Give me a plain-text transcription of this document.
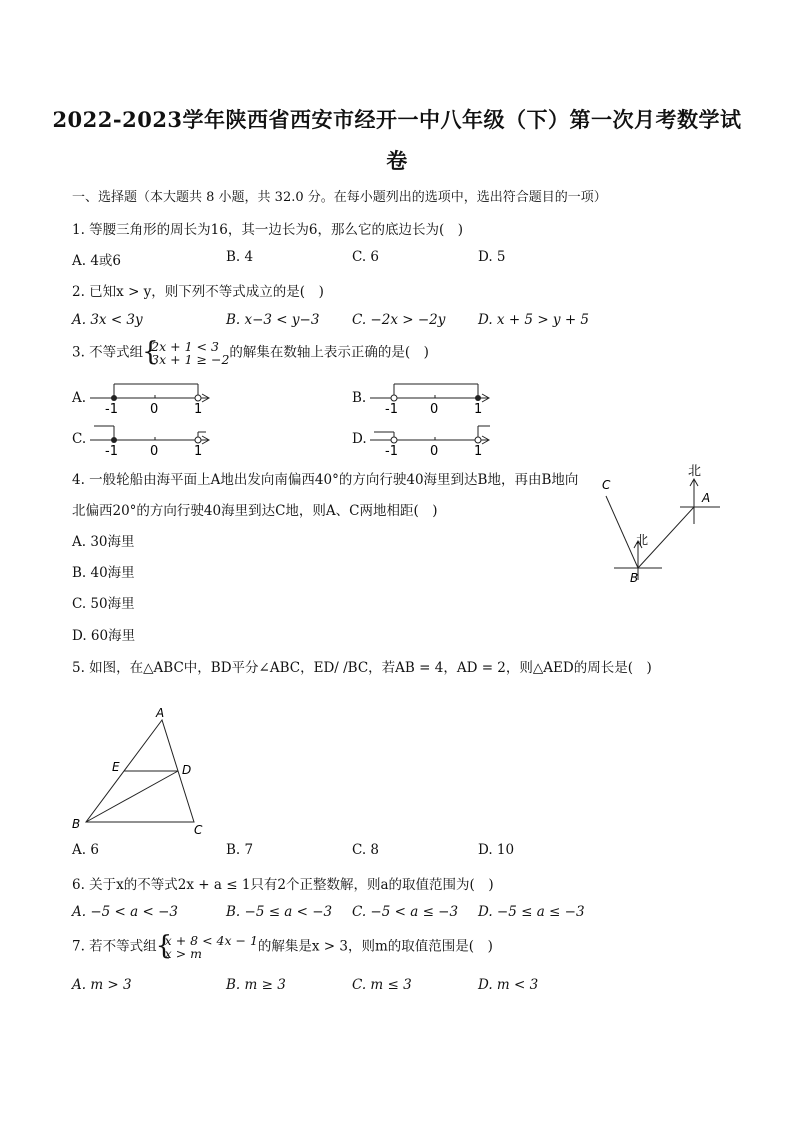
2022-2023学年陕西省西安市经开一中八年级（下）第一次月考数学试
卷
一、选择题（本大题共 8 小题，共 32.0 分。在每小题列出的选项中，选出符合题目的一项）
1. 等腰三角形的周长为16，其一边长为6，那么它的底边长为(　)
A. 4或6	B. 4	C. 6	D. 5
2. 已知x > y，则下列不等式成立的是(　)
A. 3x < 3y	B. x−3 < y−3 C. −2x > −2y D. x + 5 > y + 5
3. 不等式组 { 2x + 1 < 3
3x + 1 ≥ −2的解集在数轴上表示正确的是(　)
A.	B.
C.	D.
-1 0	1	-1 0	1
-1 0	1	-1 0	1
4. 一般轮船由海平面上A地出发向南偏西40°的方向行驶40海里到达B地，再由B地向
北偏西20°的方向行驶40海里到达C地，则A、C两地相距(　)
A. 30海里
B. 40海里
C. 50海里
D. 60海里
北
北
A
B
C
5. 如图，在△ABC中，BD平分∠ABC，ED/ /BC，若AB = 4，AD = 2，则△AED的周长是(　)
A
B	C
D
E
A. 6	B. 7	C. 8	D. 10
6. 关于x的不等式2x + a ≤ 1只有2个正整数解，则a的取值范围为(　)
A. −5 < a < −3	B. −5 ≤ a < −3 C. −5 < a ≤ −3 D. −5 ≤ a ≤ −3
7. 若不等式组 { x + 8 < 4x − 1
x > m	的解集是x > 3，则m的取值范围是(　)
A. m > 3	B. m ≥ 3	C. m ≤ 3	D. m < 3
